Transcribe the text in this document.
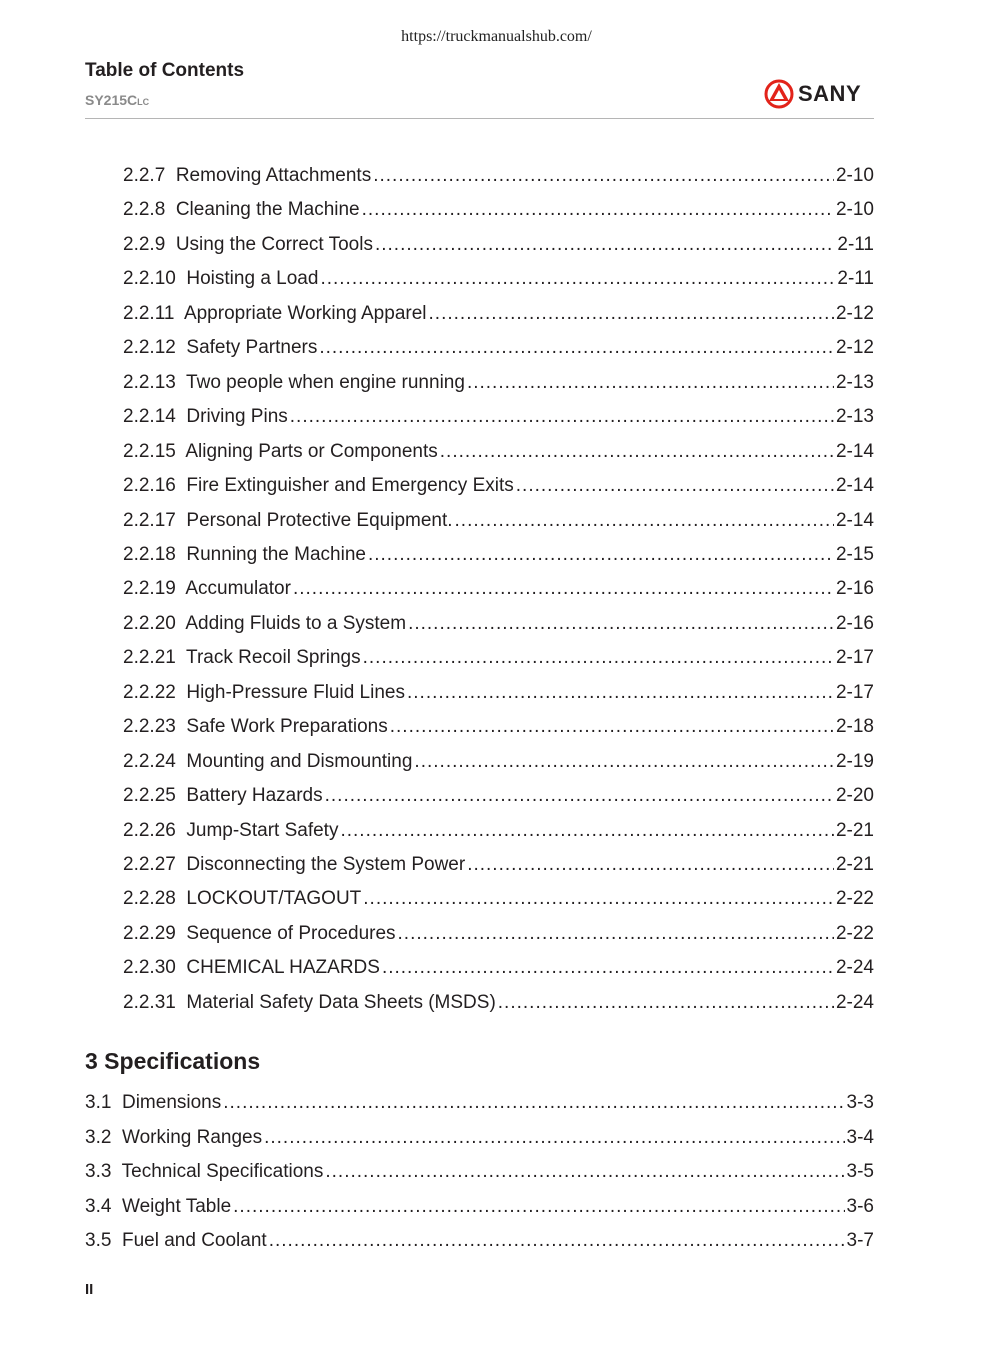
https://truckmanualshub.com/
Table of Contents
SY215CLC	SANY
2.2.7 Removing Attachments .....	2-10
2.2.8 Cleaning the Machine .....	2-10
2.2.9 Using the Correct Tools .....	2-11
2.2.10 Hoisting a Load .....	2-11
2.2.11 Appropriate Working Apparel .....	2-12
2.2.12 Safety Partners .....	2-12
2.2.13 Two people when engine running .....	2-13
2.2.14 Driving Pins .....	2-13
2.2.15 Aligning Parts or Components .....	2-14
2.2.16 Fire Extinguisher and Emergency Exits .....	2-14
2.2.17 Personal Protective Equipment. .....	2-14
2.2.18 Running the Machine .....	2-15
2.2.19 Accumulator .....	2-16
2.2.20 Adding Fluids to a System .....	2-16
2.2.21 Track Recoil Springs .....	2-17
2.2.22 High-Pressure Fluid Lines .....	2-17
2.2.23 Safe Work Preparations .....	2-18
2.2.24 Mounting and Dismounting .....	2-19
2.2.25 Battery Hazards .....	2-20
2.2.26 Jump-Start Safety .....	2-21
2.2.27 Disconnecting the System Power .....	2-21
2.2.28 LOCKOUT/TAGOUT .....	2-22
2.2.29 Sequence of Procedures .....	2-22
2.2.30 CHEMICAL HAZARDS .....	2-24
2.2.31 Material Safety Data Sheets (MSDS) .....	2-24
3 Specifications
3.1 Dimensions .....	3-3
3.2 Working Ranges .....	3-4
3.3 Technical Specifications .....	3-5
3.4 Weight Table .....	3-6
3.5 Fuel and Coolant .....	3-7
II
